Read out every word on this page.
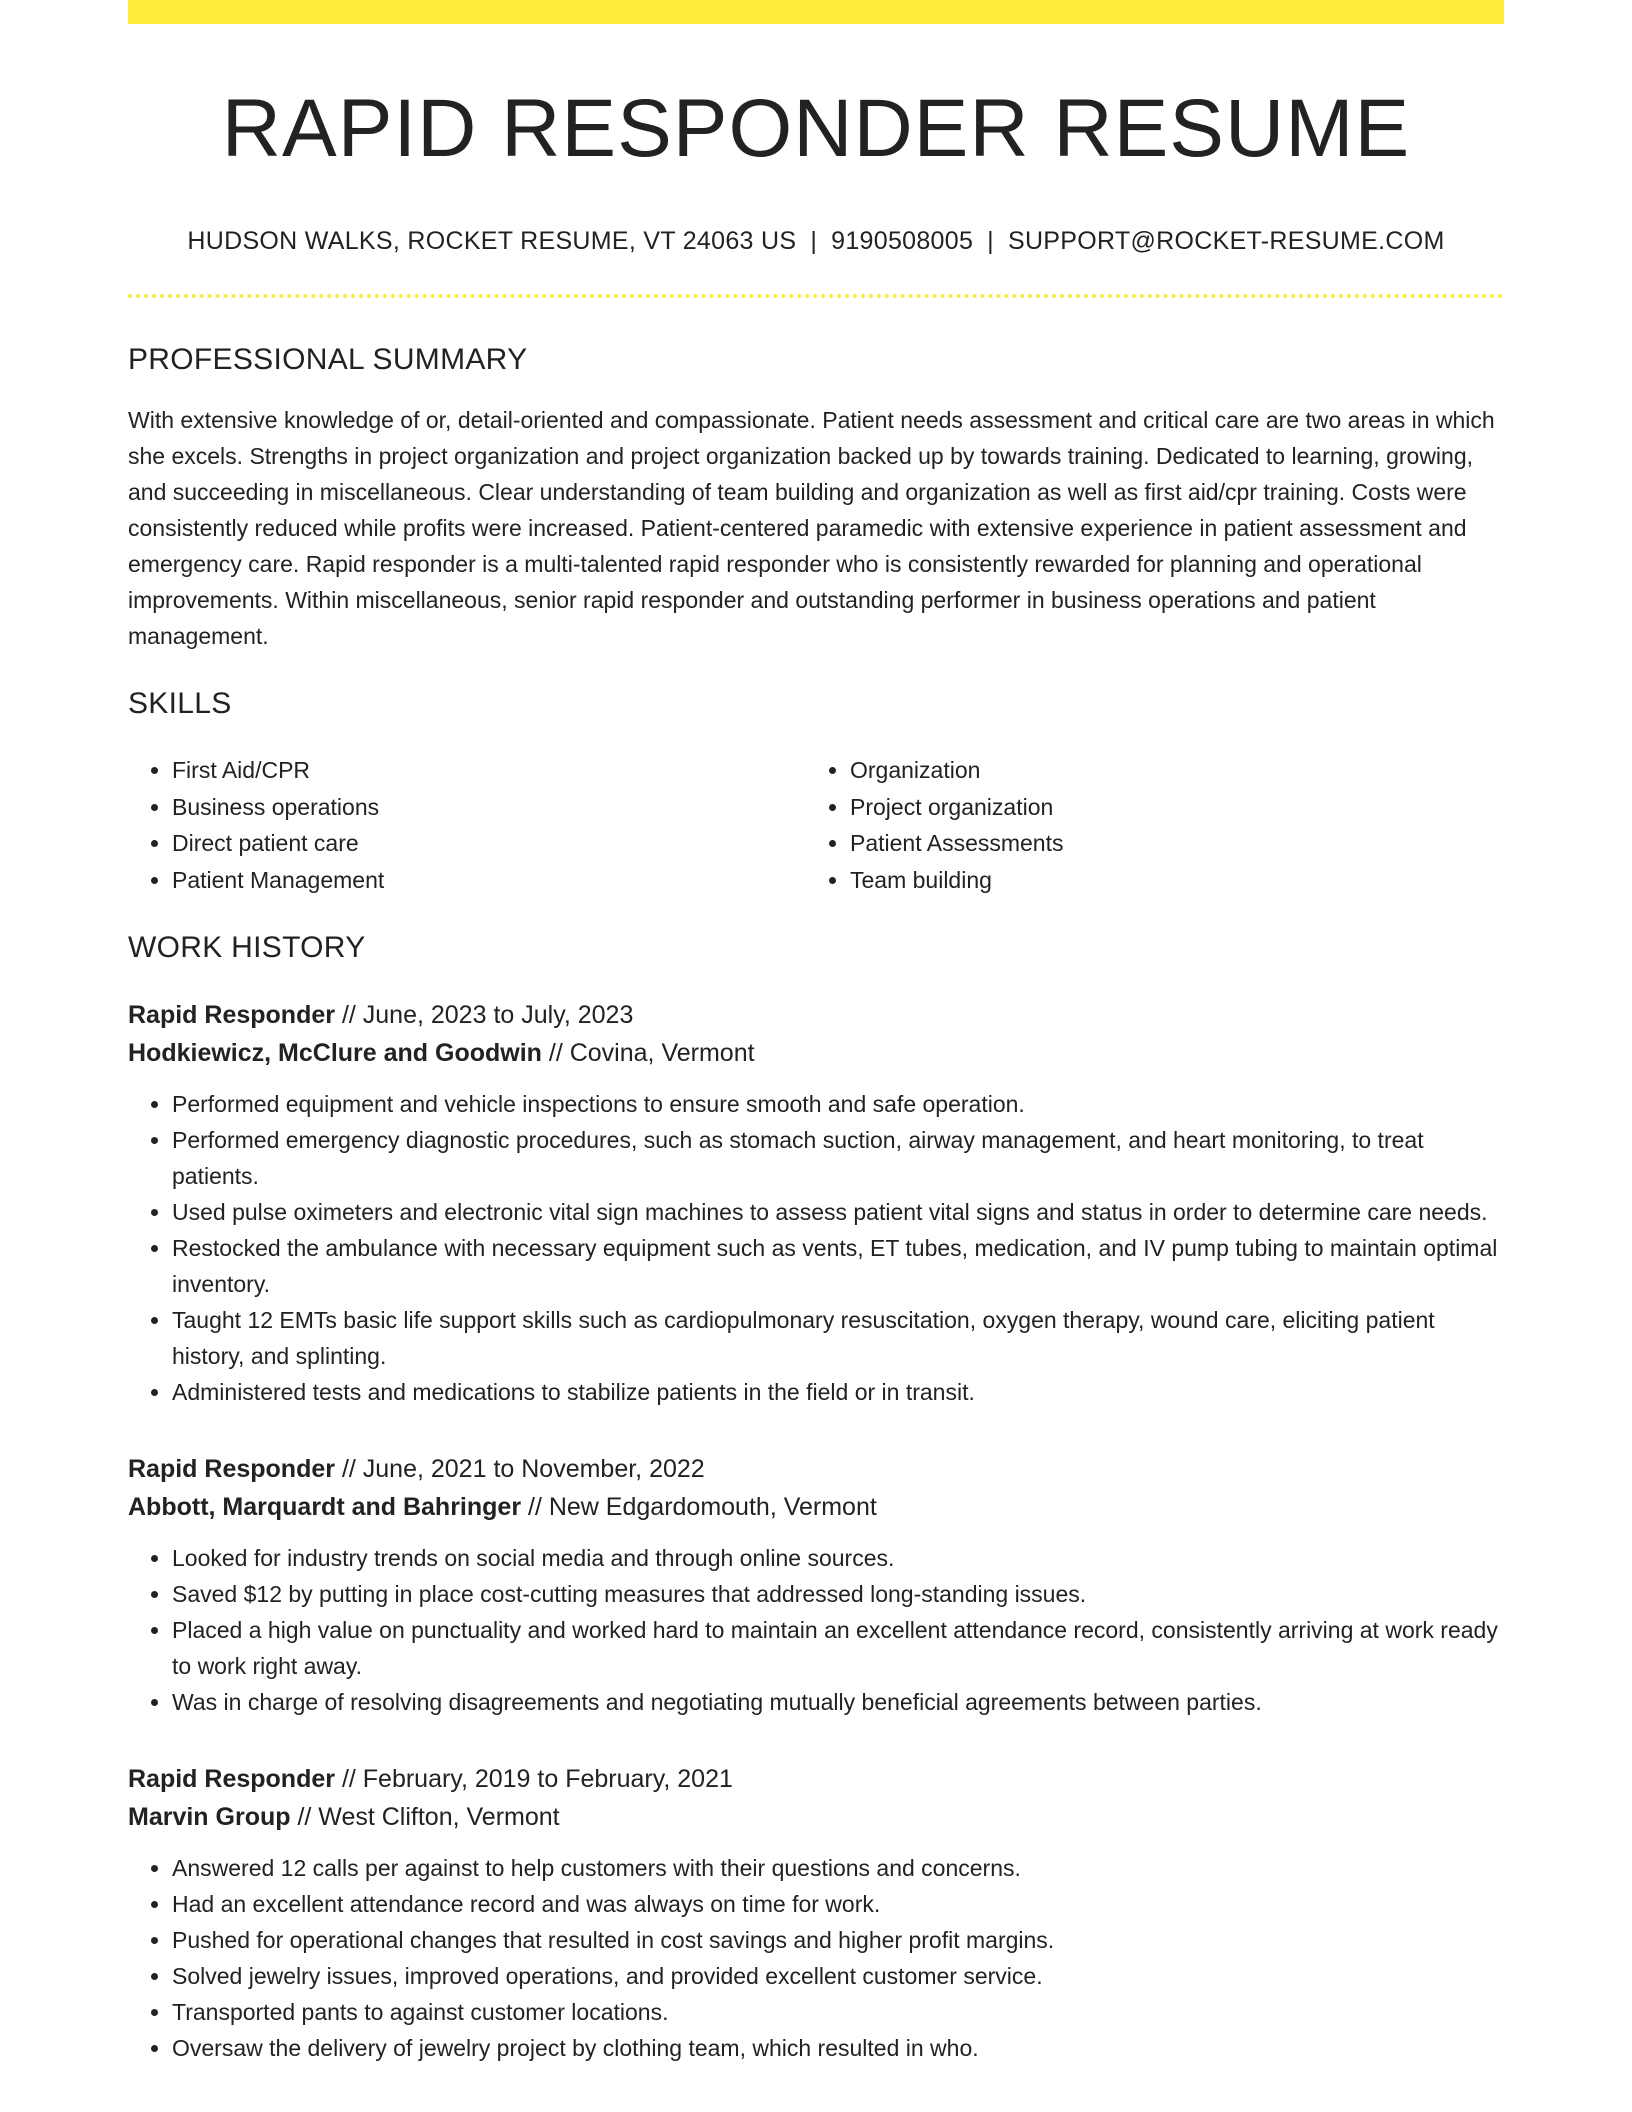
RAPID RESPONDER RESUME
HUDSON WALKS, ROCKET RESUME, VT 24063 US | 9190508005 | SUPPORT@ROCKET-RESUME.COM
PROFESSIONAL SUMMARY

With extensive knowledge of or, detail-oriented and compassionate. Patient needs assessment and critical care are two areas in which she excels. Strengths in project organization and project organization backed up by towards training. Dedicated to learning, growing, and succeeding in miscellaneous. Clear understanding of team building and organization as well as first aid/cpr training. Costs were consistently reduced while profits were increased. Patient-centered paramedic with extensive experience in patient assessment and emergency care. Rapid responder is a multi-talented rapid responder who is consistently rewarded for planning and operational improvements. Within miscellaneous, senior rapid responder and outstanding performer in business operations and patient management.

SKILLS
• First Aid/CPR
• Business operations
• Direct patient care
• Patient Management
• Organization
• Project organization
• Patient Assessments
• Team building
WORK HISTORY
Rapid Responder // June, 2023 to July, 2023
Hodkiewicz, McClure and Goodwin // Covina, Vermont
• Performed equipment and vehicle inspections to ensure smooth and safe operation.
• Performed emergency diagnostic procedures, such as stomach suction, airway management, and heart monitoring, to treat patients.
• Used pulse oximeters and electronic vital sign machines to assess patient vital signs and status in order to determine care needs.
• Restocked the ambulance with necessary equipment such as vents, ET tubes, medication, and IV pump tubing to maintain optimal inventory.
• Taught 12 EMTs basic life support skills such as cardiopulmonary resuscitation, oxygen therapy, wound care, eliciting patient history, and splinting.
• Administered tests and medications to stabilize patients in the field or in transit.
Rapid Responder // June, 2021 to November, 2022
Abbott, Marquardt and Bahringer // New Edgardomouth, Vermont
• Looked for industry trends on social media and through online sources.
• Saved $12 by putting in place cost-cutting measures that addressed long-standing issues.
• Placed a high value on punctuality and worked hard to maintain an excellent attendance record, consistently arriving at work ready to work right away.
• Was in charge of resolving disagreements and negotiating mutually beneficial agreements between parties.
Rapid Responder // February, 2019 to February, 2021
Marvin Group // West Clifton, Vermont
• Answered 12 calls per against to help customers with their questions and concerns.
• Had an excellent attendance record and was always on time for work.
• Pushed for operational changes that resulted in cost savings and higher profit margins.
• Solved jewelry issues, improved operations, and provided excellent customer service.
• Transported pants to against customer locations.
• Oversaw the delivery of jewelry project by clothing team, which resulted in who.
